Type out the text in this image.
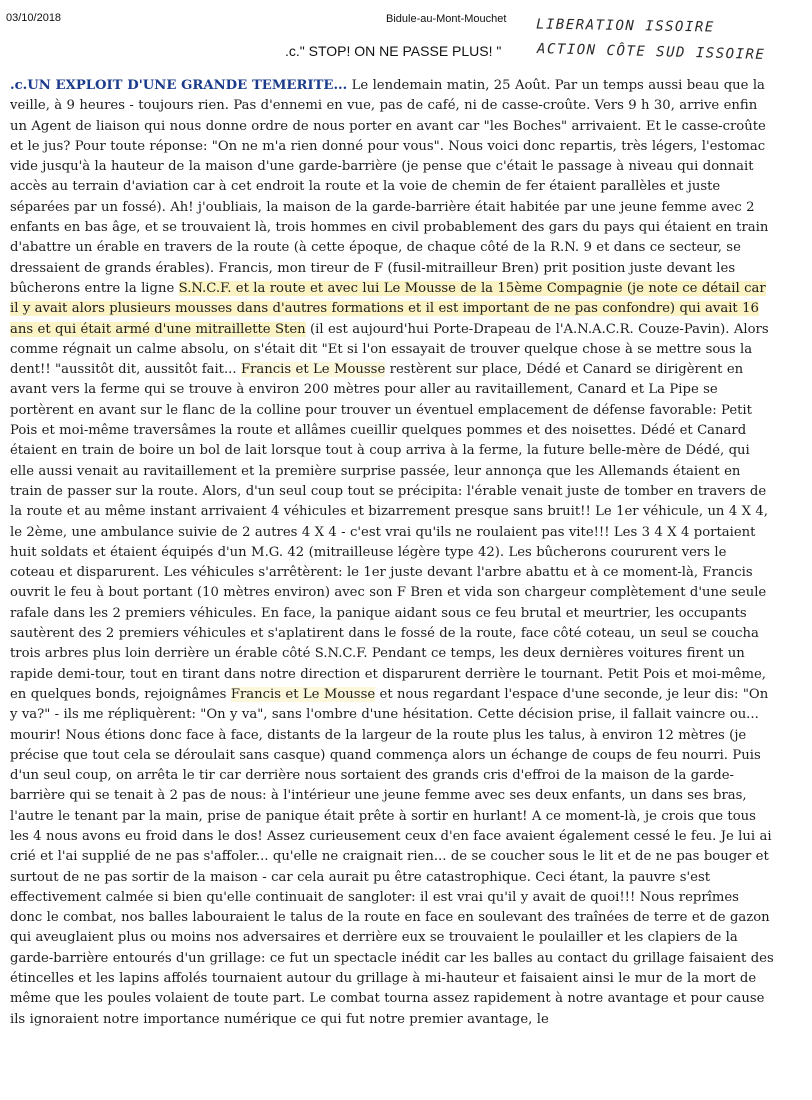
03/10/2018	Bidule-au-Mont-Mouchet LIBERATION ISSOIRE
ACTION CÔTE SUD ISSOIRE
.c." STOP! ON NE PASSE PLUS! "

.c.UN EXPLOIT D'UNE GRANDE TEMERITE... Le lendemain matin, 25 Août. Par un temps aussi beau que la veille, à 9 heures - toujours rien. Pas d'ennemi en vue, pas de café, ni de casse-croûte. Vers 9 h 30, arrive enfin un Agent de liaison qui nous donne ordre de nous porter en avant car "les Boches" arrivaient. Et le casse-croûte et le jus? Pour toute réponse: "On ne m'a rien donné pour vous". Nous voici donc repartis, très légers, l'estomac vide jusqu'à la hauteur de la maison d'une garde-barrière (je pense que c'était le passage à niveau qui donnait accès au terrain d'aviation car à cet endroit la route et la voie de chemin de fer étaient parallèles et juste séparées par un fossé). Ah! j'oubliais, la maison de la garde-barrière était habitée par une jeune femme avec 2 enfants en bas âge, et se trouvaient là, trois hommes en civil probablement des gars du pays qui étaient en train d'abattre un érable en travers de la route (à cette époque, de chaque côté de la R.N. 9 et dans ce secteur, se dressaient de grands érables). Francis, mon tireur de F (fusil-mitrailleur Bren) prit position juste devant les bûcherons entre la ligne S.N.C.F. et la route et avec lui Le Mousse de la 15ème Compagnie (je note ce détail car il y avait alors plusieurs mousses dans d'autres formations et il est important de ne pas confondre) qui avait 16 ans et qui était armé d'une mitraillette Sten (il est aujourd'hui Porte-Drapeau de l'A.N.A.C.R. Couze-Pavin). Alors comme régnait un calme absolu, on s'était dit "Et si l'on essayait de trouver quelque chose à se mettre sous la dent!! "aussitôt dit, aussitôt fait... Francis et Le Mousse restèrent sur place, Dédé et Canard se dirigèrent en avant vers la ferme qui se trouve à environ 200 mètres pour aller au ravitaillement, Canard et La Pipe se portèrent en avant sur le flanc de la colline pour trouver un éventuel emplacement de défense favorable: Petit Pois et moi-même traversâmes la route et allâmes cueillir quelques pommes et des noisettes. Dédé et Canard étaient en train de boire un bol de lait lorsque tout à coup arriva à la ferme, la future belle-mère de Dédé, qui elle aussi venait au ravitaillement et la première surprise passée, leur annonça que les Allemands étaient en train de passer sur la route. Alors, d'un seul coup tout se précipita: l'érable venait juste de tomber en travers de la route et au même instant arrivaient 4 véhicules et bizarrement presque sans bruit!! Le 1er véhicule, un 4 X 4, le 2ème, une ambulance suivie de 2 autres 4 X 4 - c'est vrai qu'ils ne roulaient pas vite!!! Les 3 4 X 4 portaient huit soldats et étaient équipés d'un M.G. 42 (mitrailleuse légère type 42). Les bûcherons coururent vers le coteau et disparurent. Les véhicules s'arrêtèrent: le 1er juste devant l'arbre abattu et à ce moment-là, Francis ouvrit le feu à bout portant (10 mètres environ) avec son F Bren et vida son chargeur complètement d'une seule rafale dans les 2 premiers véhicules. En face, la panique aidant sous ce feu brutal et meurtrier, les occupants sautèrent des 2 premiers véhicules et s'aplatirent dans le fossé de la route, face côté coteau, un seul se coucha trois arbres plus loin derrière un érable côté S.N.C.F. Pendant ce temps, les deux dernières voitures firent un rapide demi-tour, tout en tirant dans notre direction et disparurent derrière le tournant. Petit Pois et moi-même, en quelques bonds, rejoignâmes Francis et Le Mousse et nous regardant l'espace d'une seconde, je leur dis: "On y va?" - ils me répliquèrent: "On y va", sans l'ombre d'une hésitation. Cette décision prise, il fallait vaincre ou... mourir! Nous étions donc face à face, distants de la largeur de la route plus les talus, à environ 12 mètres (je précise que tout cela se déroulait sans casque) quand commença alors un échange de coups de feu nourri. Puis d'un seul coup, on arrêta le tir car derrière nous sortaient des grands cris d'effroi de la maison de la garde-barrière qui se tenait à 2 pas de nous: à l'intérieur une jeune femme avec ses deux enfants, un dans ses bras, l'autre le tenant par la main, prise de panique était prête à sortir en hurlant! A ce moment-là, je crois que tous les 4 nous avons eu froid dans le dos! Assez curieusement ceux d'en face avaient également cessé le feu. Je lui ai crié et l'ai supplié de ne pas s'affoler... qu'elle ne craignait rien... de se coucher sous le lit et de ne pas bouger et surtout de ne pas sortir de la maison - car cela aurait pu être catastrophique. Ceci étant, la pauvre s'est effectivement calmée si bien qu'elle continuait de sangloter: il est vrai qu'il y avait de quoi!!! Nous reprîmes donc le combat, nos balles labouraient le talus de la route en face en soulevant des traînées de terre et de gazon qui aveuglaient plus ou moins nos adversaires et derrière eux se trouvaient le poulailler et les clapiers de la garde-barrière entourés d'un grillage: ce fut un spectacle inédit car les balles au contact du grillage faisaient des étincelles et les lapins affolés tournaient autour du grillage à mi-hauteur et faisaient ainsi le mur de la mort de même que les poules volaient de toute part. Le combat tourna assez rapidement à notre avantage et pour cause ils ignoraient notre importance numérique ce qui fut notre premier avantage, le
